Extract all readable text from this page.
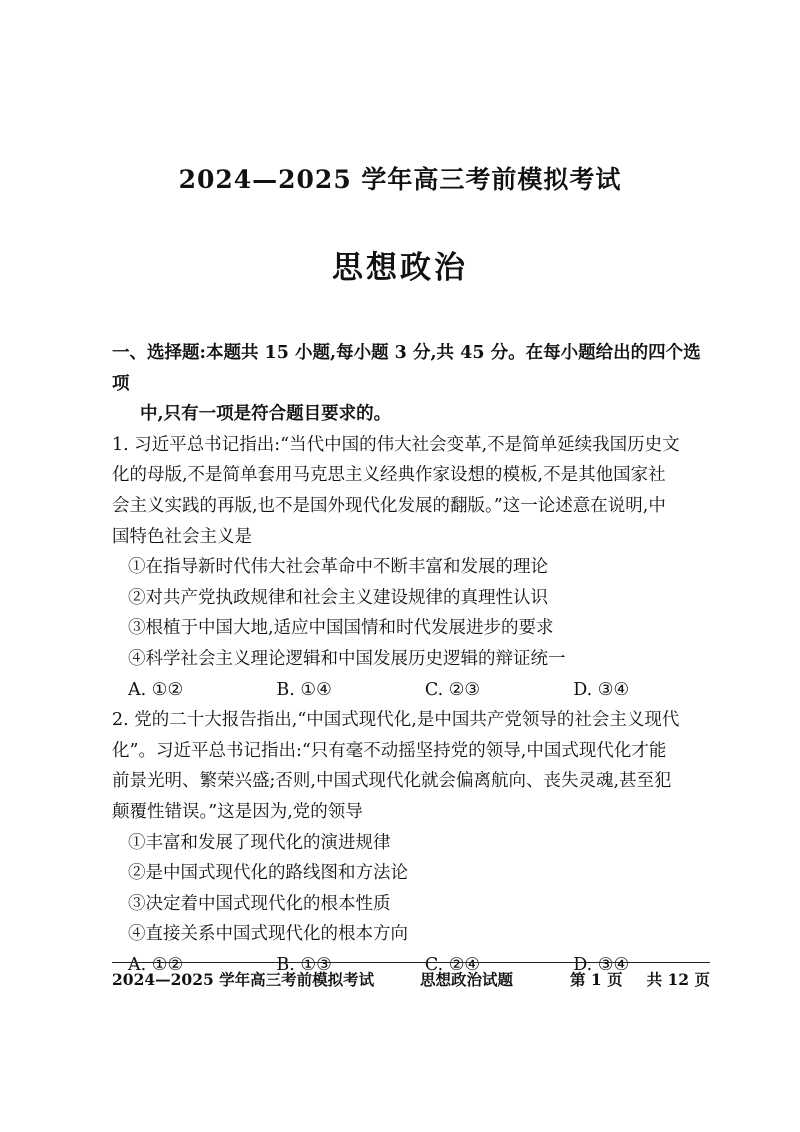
2024—2025 学年高三考前模拟考试
思想政治
一、选择题:本题共 15 小题,每小题 3 分,共 45 分。在每小题给出的四个选项
中,只有一项是符合题目要求的。
1. 习近平总书记指出:“当代中国的伟大社会变革,不是简单延续我国历史文
化的母版,不是简单套用马克思主义经典作家设想的模板,不是其他国家社
会主义实践的再版,也不是国外现代化发展的翻版。”这一论述意在说明,中
国特色社会主义是
①在指导新时代伟大社会革命中不断丰富和发展的理论
②对共产党执政规律和社会主义建设规律的真理性认识
③根植于中国大地,适应中国国情和时代发展进步的要求
④科学社会主义理论逻辑和中国发展历史逻辑的辩证统一
A. ①②	B. ①④	C. ②③	D. ③④
2. 党的二十大报告指出,“中国式现代化,是中国共产党领导的社会主义现代
化”。习近平总书记指出:“只有毫不动摇坚持党的领导,中国式现代化才能
前景光明、繁荣兴盛;否则,中国式现代化就会偏离航向、丧失灵魂,甚至犯
颠覆性错误。”这是因为,党的领导
①丰富和发展了现代化的演进规律
②是中国式现代化的路线图和方法论
③决定着中国式现代化的根本性质
④直接关系中国式现代化的根本方向
A. ①②	B. ①③	C. ②④	D. ③④
2024—2025 学年高三考前模拟考试	思想政治试题	第 1 页	共 12 页
